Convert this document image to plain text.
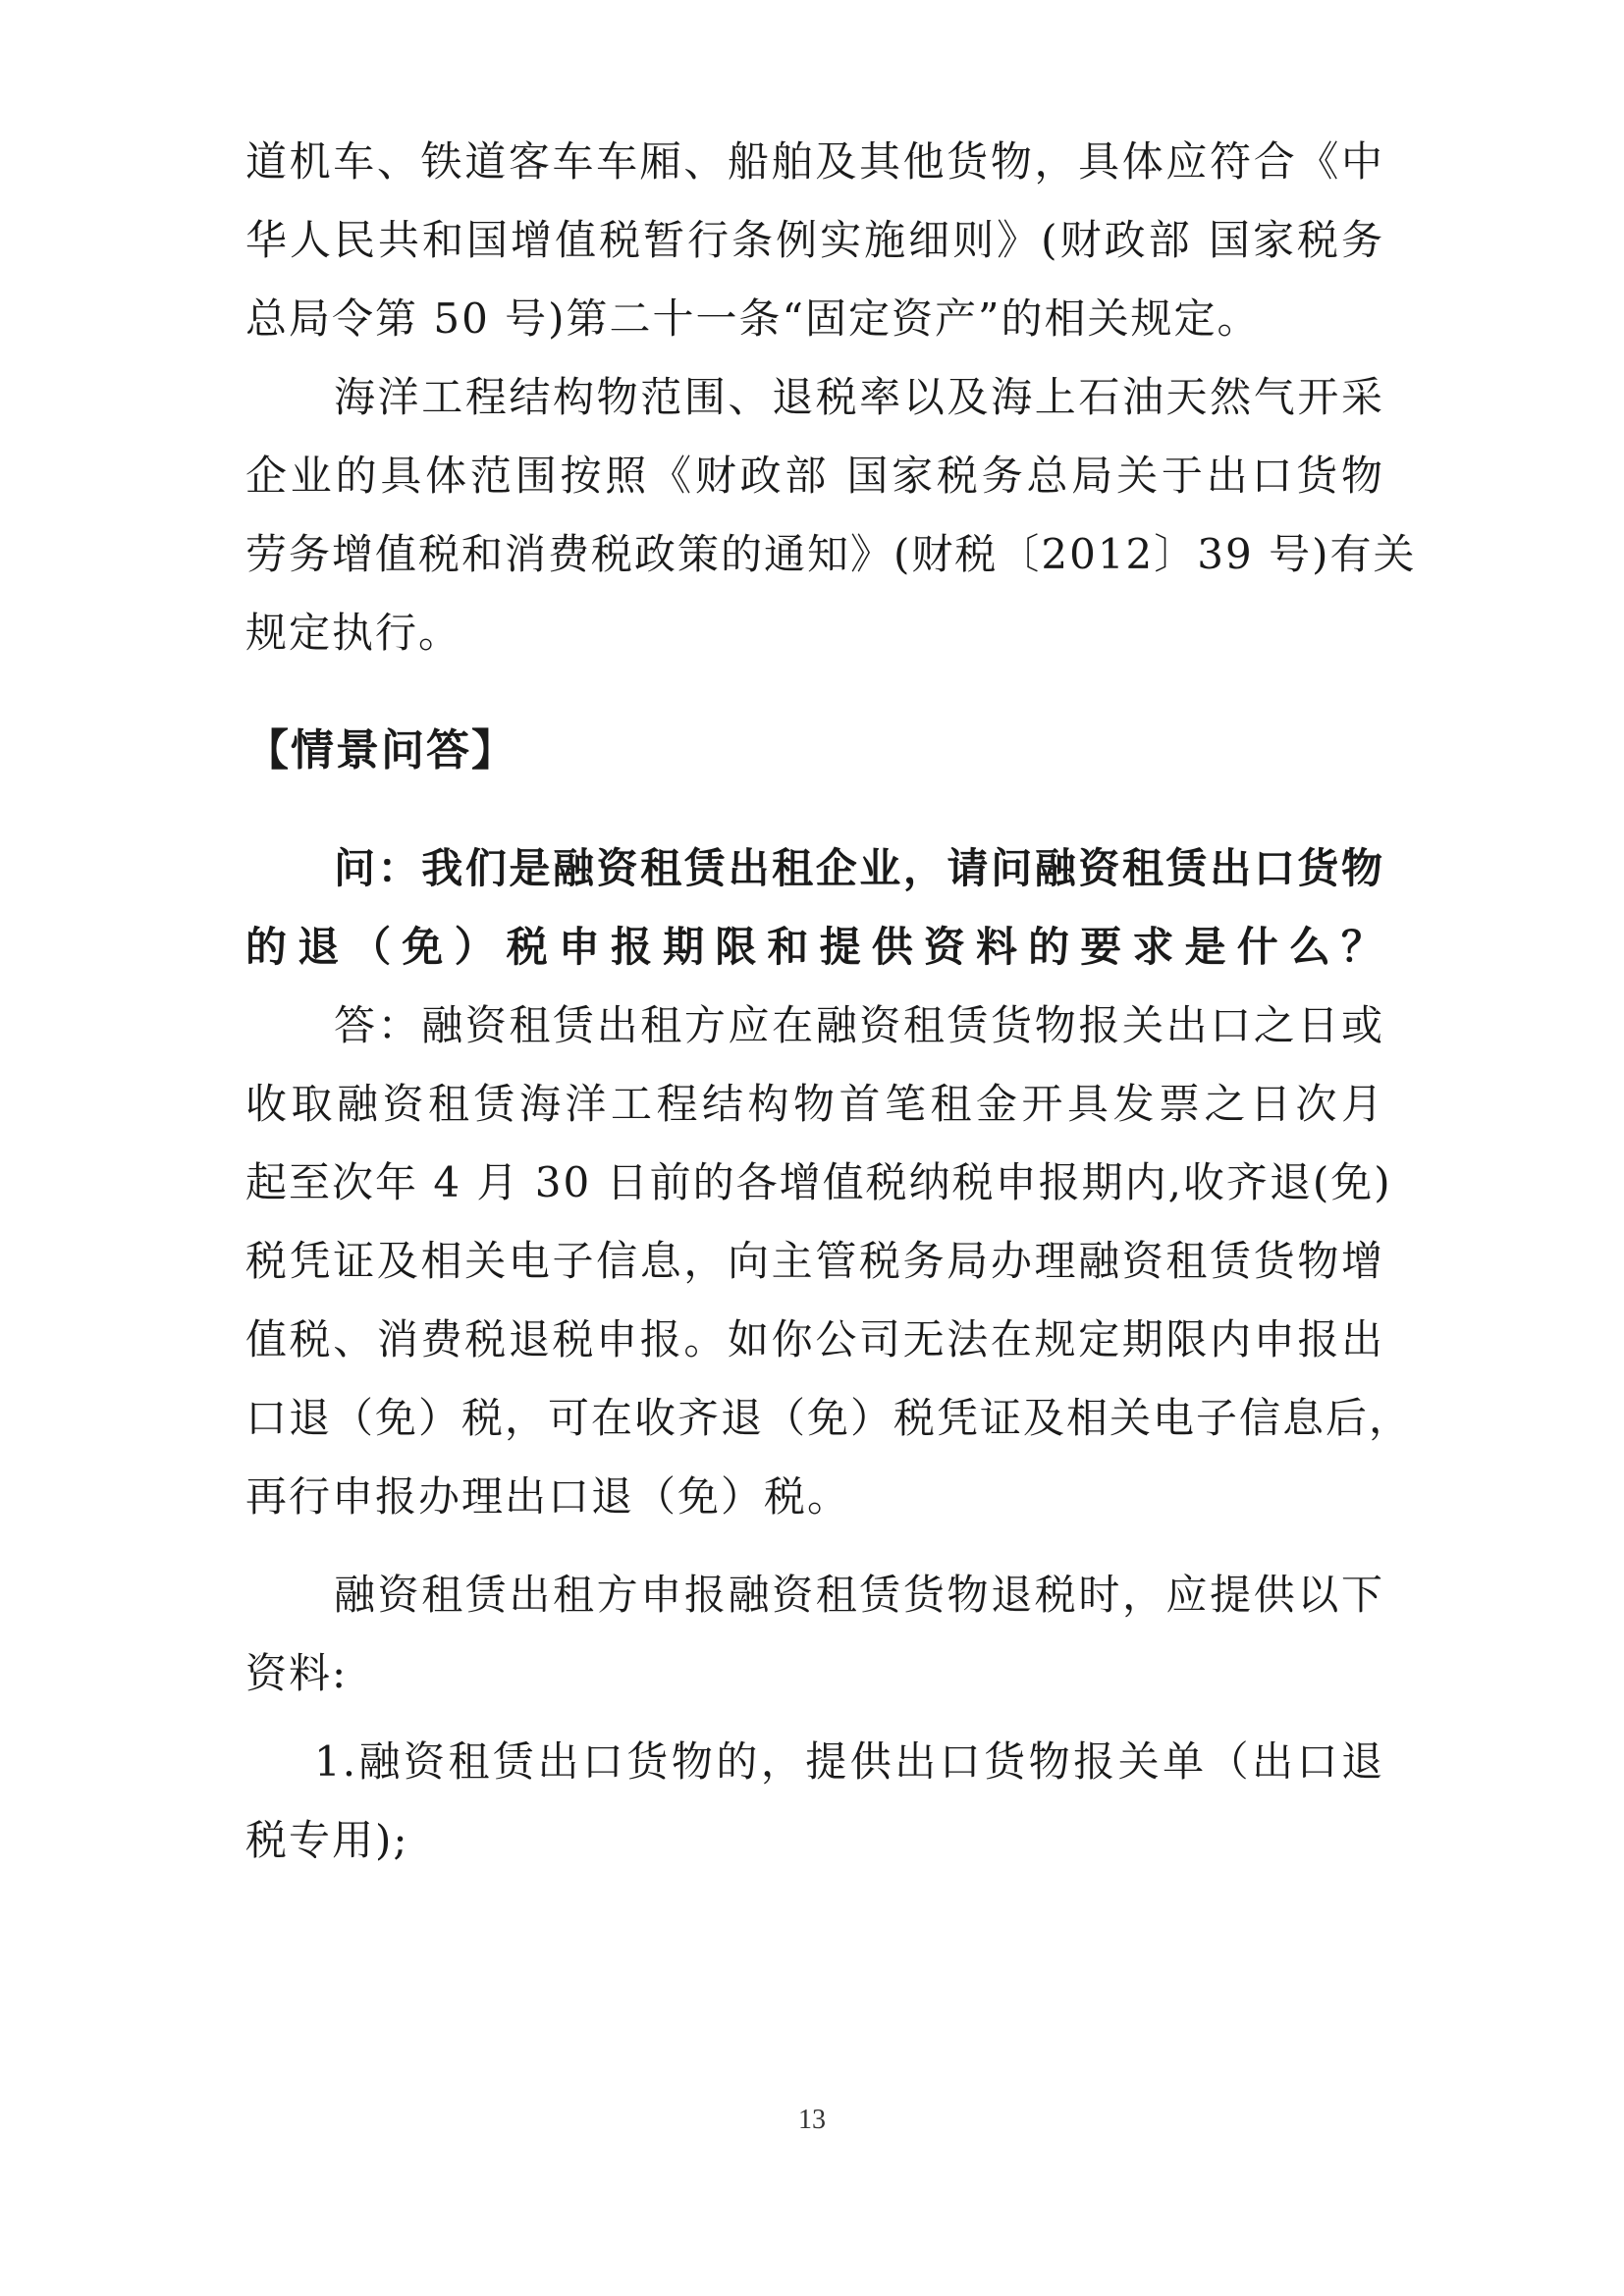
道机车、铁道客车车厢、船舶及其他货物，具体应符合《中
华人民共和国增值税暂行条例实施细则》(财政部 国家税务
总局令第 50 号)第二十一条“固定资产”的相关规定。
海洋工程结构物范围、退税率以及海上石油天然气开采
企业的具体范围按照《财政部 国家税务总局关于出口货物
劳务增值税和消费税政策的通知》(财税〔2012〕39 号)有关
规定执行。
【情景问答】
问：我们是融资租赁出租企业，请问融资租赁出口货物
的退（免）税申报期限和提供资料的要求是什么？
答：融资租赁出租方应在融资租赁货物报关出口之日或
收取融资租赁海洋工程结构物首笔租金开具发票之日次月
起至次年 4 月 30 日前的各增值税纳税申报期内,收齐退(免)
税凭证及相关电子信息，向主管税务局办理融资租赁货物增
值税、消费税退税申报。如你公司无法在规定期限内申报出
口退（免）税，可在收齐退（免）税凭证及相关电子信息后，
再行申报办理出口退（免）税。
融资租赁出租方申报融资租赁货物退税时，应提供以下
资料:
1.融资租赁出口货物的，提供出口货物报关单（出口退
税专用);
13
